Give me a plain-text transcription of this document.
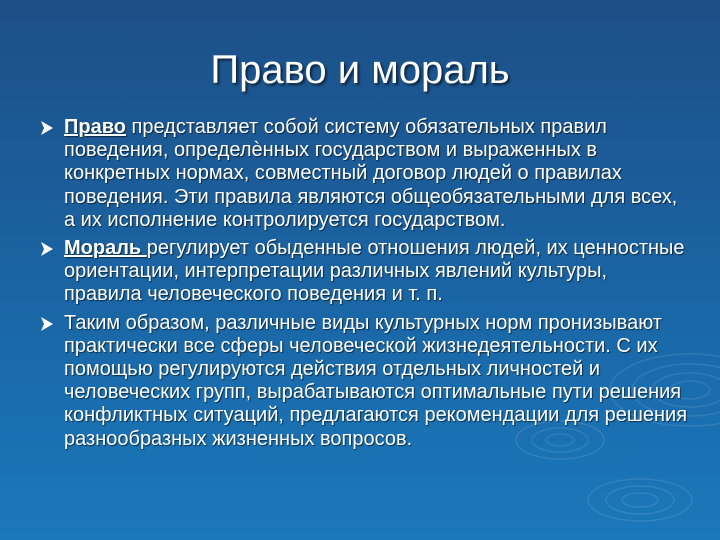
Право и мораль
Право представляет собой систему обязательных правил поведения, определѐнных государством и выраженных в конкретных нормах, совместный договор людей о правилах поведения. Эти правила являются общеобязательными для всех, а их исполнение контролируется государством.
Мораль регулирует обыденные отношения людей, их ценностные ориентации, интерпретации различных явлений культуры, правила человеческого поведения и т. п.
Таким образом, различные виды культурных норм пронизывают практически все сферы человеческой жизнедеятельности. С их помощью регулируются действия отдельных личностей и человеческих групп, вырабатываются оптимальные пути решения конфликтных ситуаций, предлагаются рекомендации для решения разнообразных жизненных вопросов.
